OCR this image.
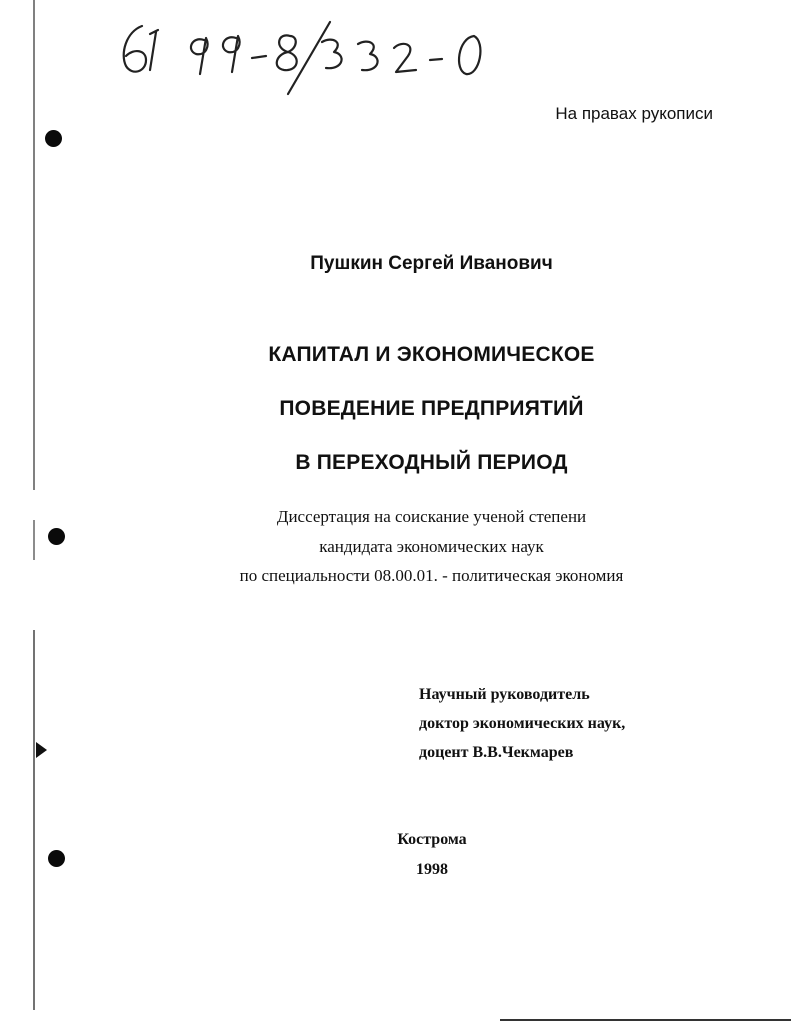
На правах рукописи
Пушкин Сергей Иванович
КАПИТАЛ И ЭКОНОМИЧЕСКОЕ
ПОВЕДЕНИЕ ПРЕДПРИЯТИЙ
В ПЕРЕХОДНЫЙ ПЕРИОД
Диссертация на соискание ученой степени
кандидата экономических наук
по специальности 08.00.01. - политическая экономия
Научный руководитель
доктор экономических наук,
доцент В.В.Чекмарев
Кострома
1998
